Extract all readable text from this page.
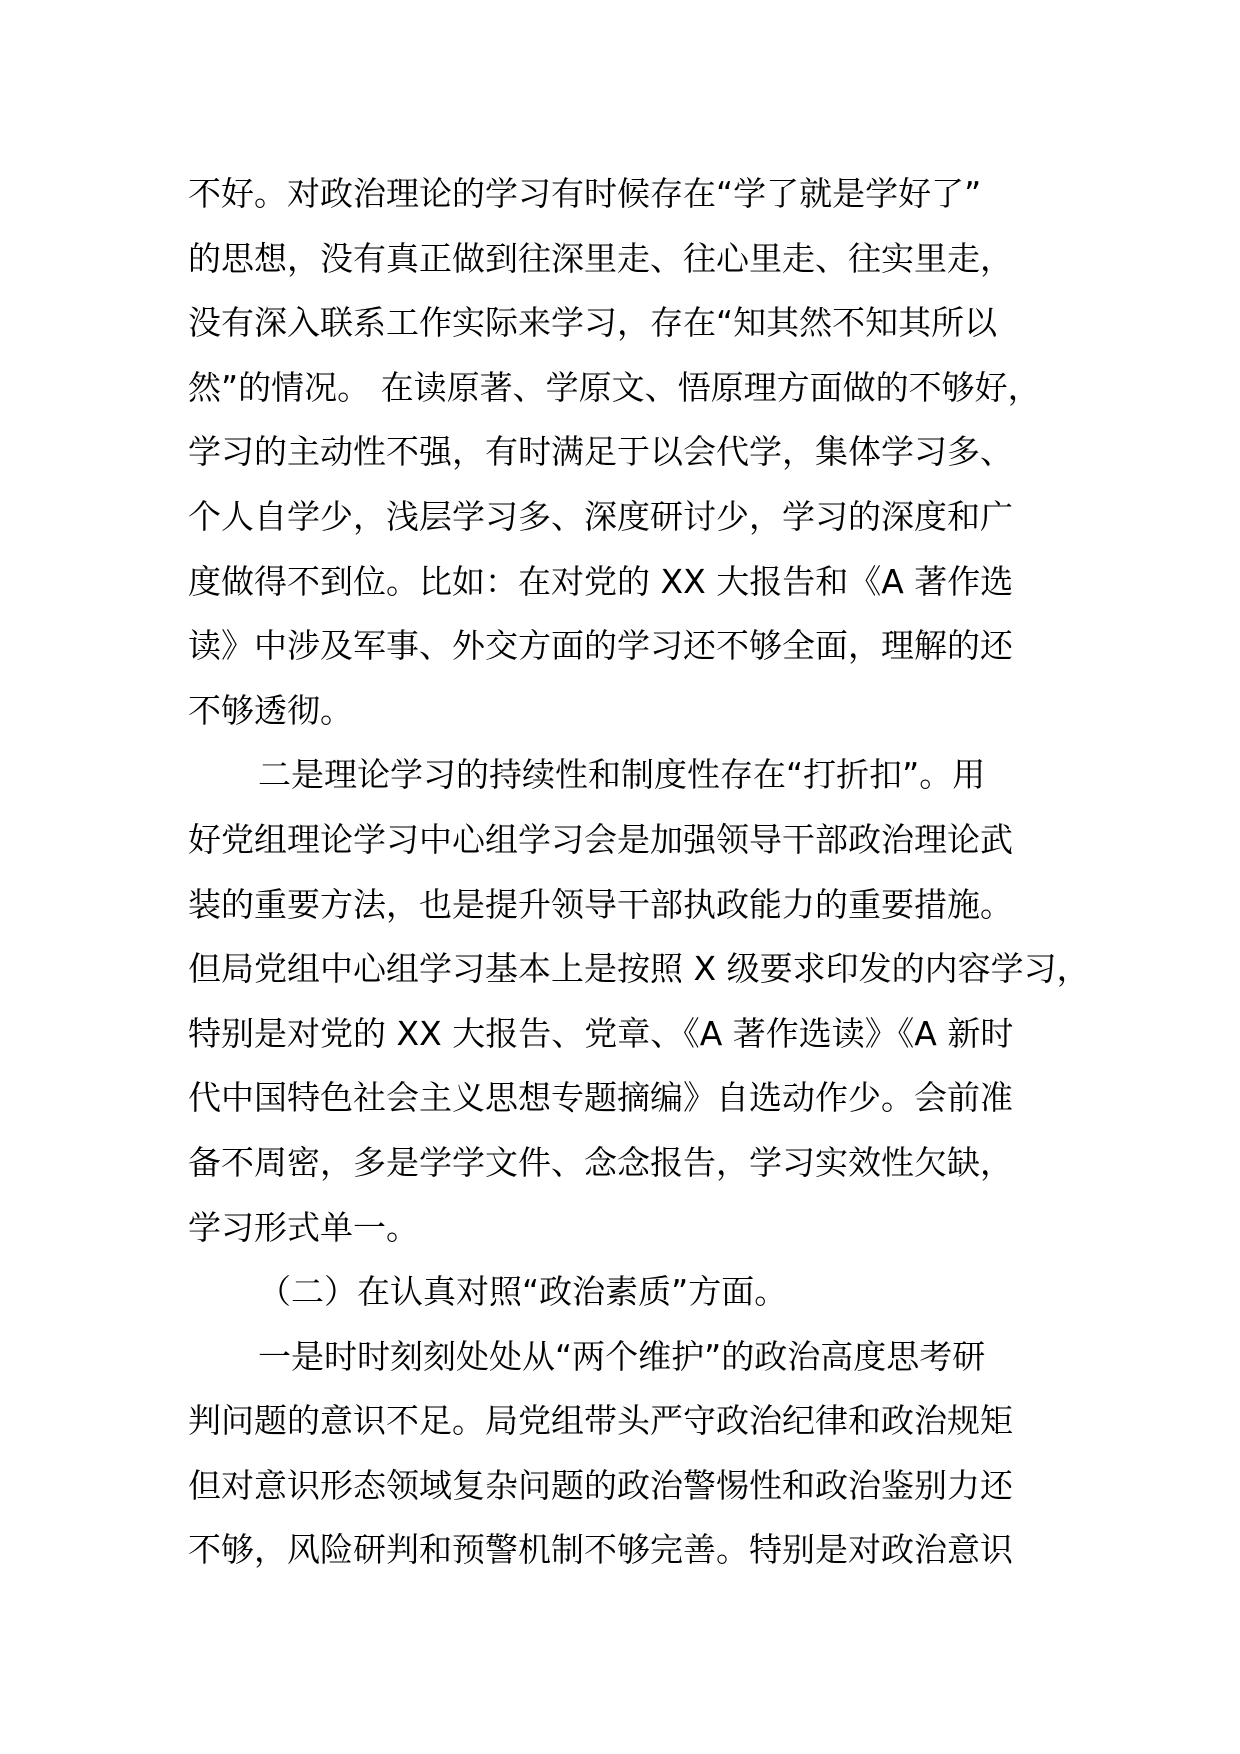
不好。对政治理论的学习有时候存在“学了就是学好了”
的思想，没有真正做到往深里走、往心里走、往实里走，
没有深入联系工作实际来学习，存在“知其然不知其所以
然”的情况。 在读原著、学原文、悟原理方面做的不够好，
学习的主动性不强，有时满足于以会代学，集体学习多、
个人自学少，浅层学习多、深度研讨少，学习的深度和广
度做得不到位。比如：在对党的 XX 大报告和《A 著作选
读》中涉及军事、外交方面的学习还不够全面，理解的还
不够透彻。
二是理论学习的持续性和制度性存在“打折扣”。用
好党组理论学习中心组学习会是加强领导干部政治理论武
装的重要方法，也是提升领导干部执政能力的重要措施。
但局党组中心组学习基本上是按照 X 级要求印发的内容学习，
特别是对党的 XX 大报告、党章、《A 著作选读》《A 新时
代中国特色社会主义思想专题摘编》自选动作少。会前准
备不周密，多是学学文件、念念报告，学习实效性欠缺，
学习形式单一。
（二）在认真对照“政治素质”方面。
一是时时刻刻处处从“两个维护”的政治高度思考研
判问题的意识不足。局党组带头严守政治纪律和政治规矩
但对意识形态领域复杂问题的政治警惕性和政治鉴别力还
不够，风险研判和预警机制不够完善。特别是对政治意识
